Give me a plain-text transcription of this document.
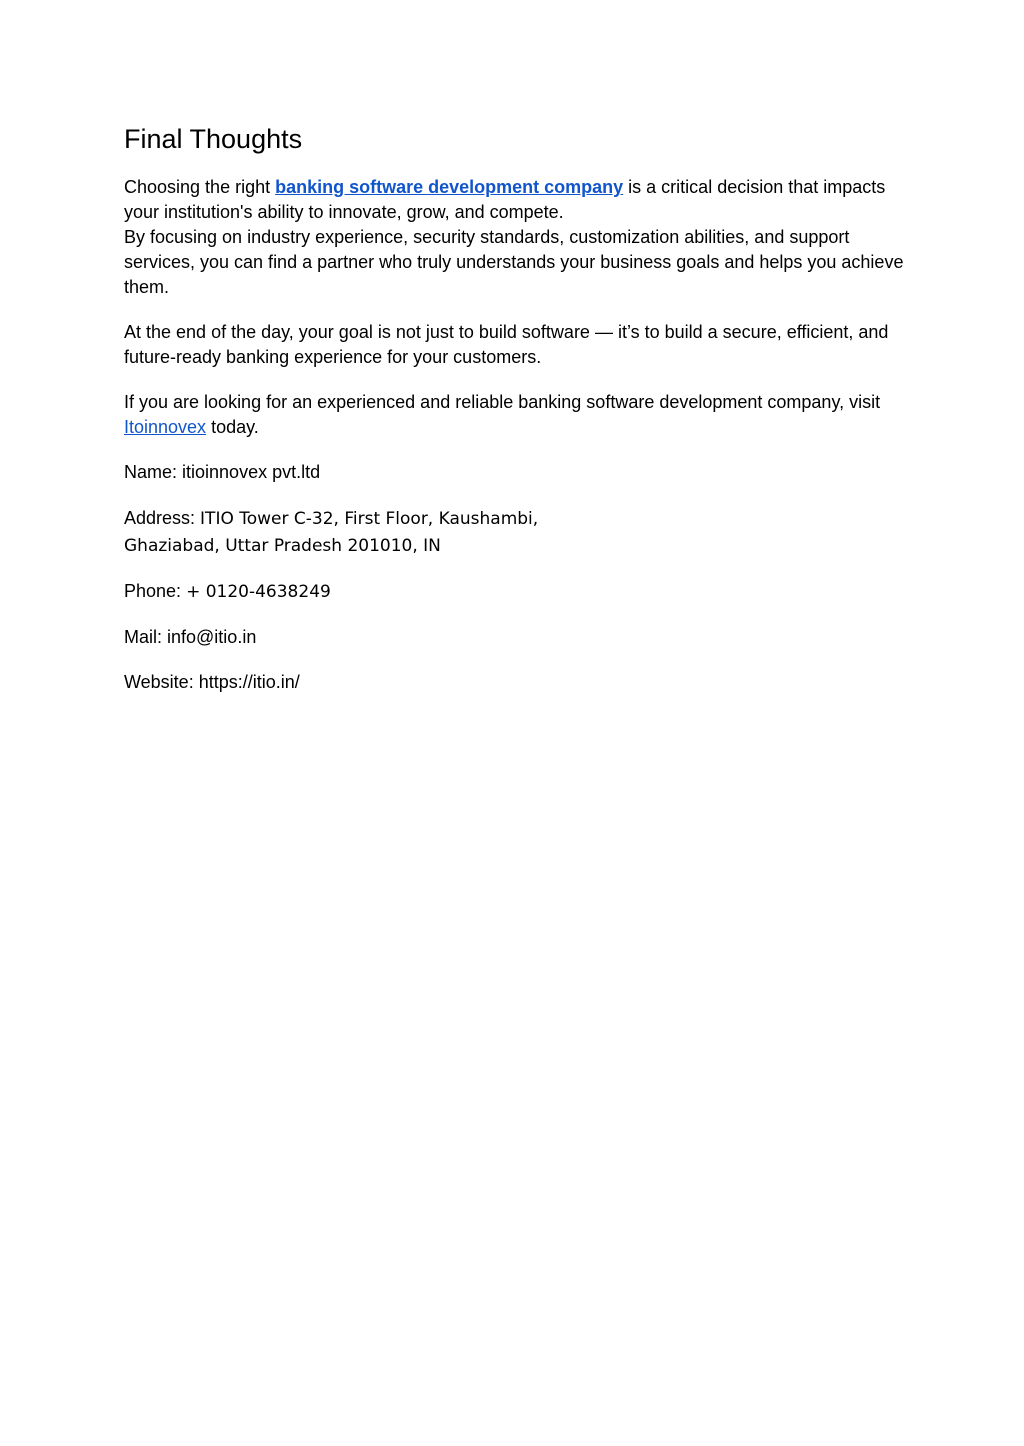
Final Thoughts

Choosing the right banking software development company is a critical decision that impacts your institution's ability to innovate, grow, and compete.

By focusing on industry experience, security standards, customization abilities, and support services, you can find a partner who truly understands your business goals and helps you achieve them.

At the end of the day, your goal is not just to build software — it’s to build a secure, efficient, and future-ready banking experience for your customers.

If you are looking for an experienced and reliable banking software development company, visit Itoinnovex today.

Name: itioinnovex pvt.ltd

Address: ITIO Tower C-32, First Floor, Kaushambi,
Ghaziabad, Uttar Pradesh 201010, IN

Phone: + 0120-4638249

Mail: info@itio.in

Website: https://itio.in/
